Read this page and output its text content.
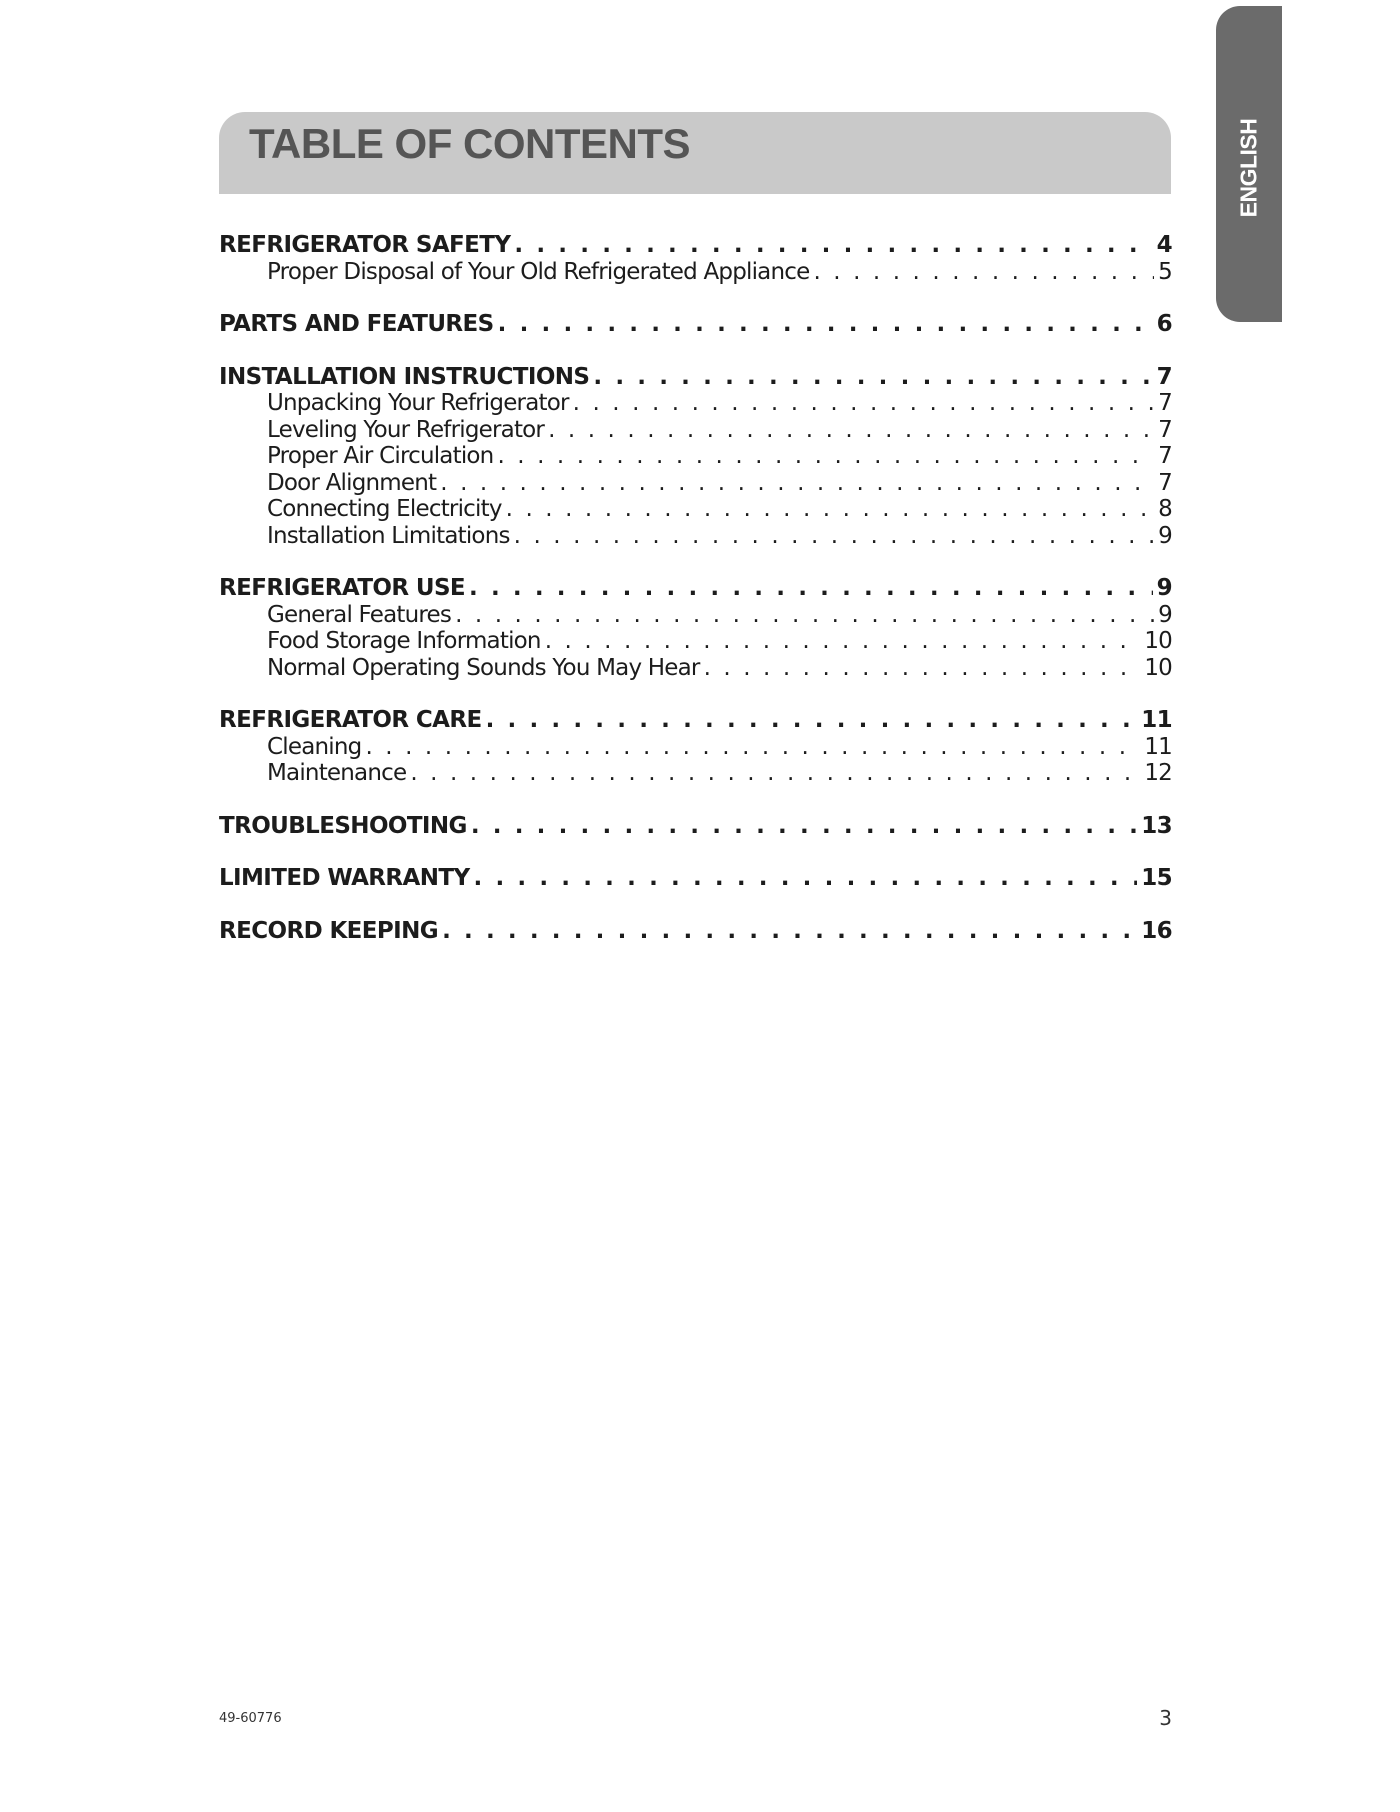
ENGLISH
TABLE OF CONTENTS
REFRIGERATOR SAFETY . . .	4
Proper Disposal of Your Old Refrigerated Appliance . . .	5
PARTS AND FEATURES . . .	6
INSTALLATION INSTRUCTIONS . . .	7
Unpacking Your Refrigerator . . .	7
Leveling Your Refrigerator . . .	7
Proper Air Circulation . . .	7
Door Alignment . . .	7
Connecting Electricity . . .	8
Installation Limitations . . .	9
REFRIGERATOR USE . . .	9
General Features . . .	9
Food Storage Information . . .	10
Normal Operating Sounds You May Hear . . .	10
REFRIGERATOR CARE . . .	11
Cleaning . . .	11
Maintenance . . .	12
TROUBLESHOOTING . . .	13
LIMITED WARRANTY . . .	15
RECORD KEEPING . . .	16
49-60776	3
